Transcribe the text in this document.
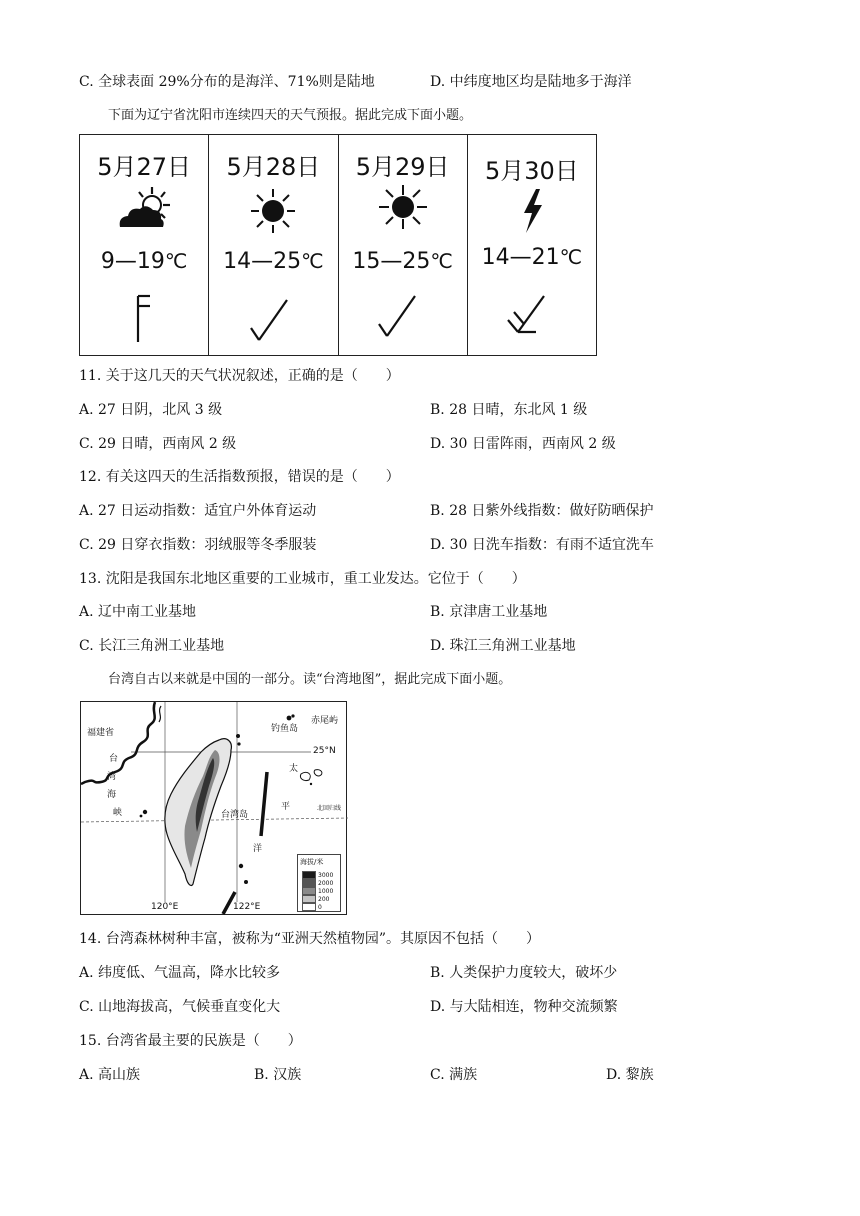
C. 全球表面 29%分布的是海洋、71%则是陆地	D. 中纬度地区均是陆地多于海洋
下面为辽宁省沈阳市连续四天的天气预报。据此完成下面小题。
5月27日
9—19℃
5月28日
14—25℃
5月29日
15—25℃
5月30日
14—21℃
11. 关于这几天的天气状况叙述，正确的是（　　）
A. 27 日阴，北风 3 级	B. 28 日晴，东北风 1 级
C. 29 日晴，西南风 2 级	D. 30 日雷阵雨，西南风 2 级
12. 有关这四天的生活指数预报，错误的是（　　）
A. 27 日运动指数：适宜户外体育运动	B. 28 日紫外线指数：做好防晒保护
C. 29 日穿衣指数：羽绒服等冬季服装	D. 30 日洗车指数：有雨不适宜洗车
13. 沈阳是我国东北地区重要的工业城市，重工业发达。它位于（　　）
A. 辽中南工业基地	B. 京津唐工业基地
C. 长江三角洲工业基地	D. 珠江三角洲工业基地
台湾自古以来就是中国的一部分。读“台湾地图”，据此完成下面小题。
福建省
台
湾
海
峡
钓鱼岛
赤尾屿
25°N
北回归线
台湾岛
太
平
洋
120°E	122°E
海拔/米
3000
2000
1000
200
0
14. 台湾森林树种丰富，被称为“亚洲天然植物园”。其原因不包括（　　）
A. 纬度低、气温高，降水比较多	B. 人类保护力度较大，破坏少
C. 山地海拔高，气候垂直变化大	D. 与大陆相连，物种交流频繁
15. 台湾省最主要的民族是（　　）
A. 高山族	B. 汉族	C. 满族	D. 黎族
